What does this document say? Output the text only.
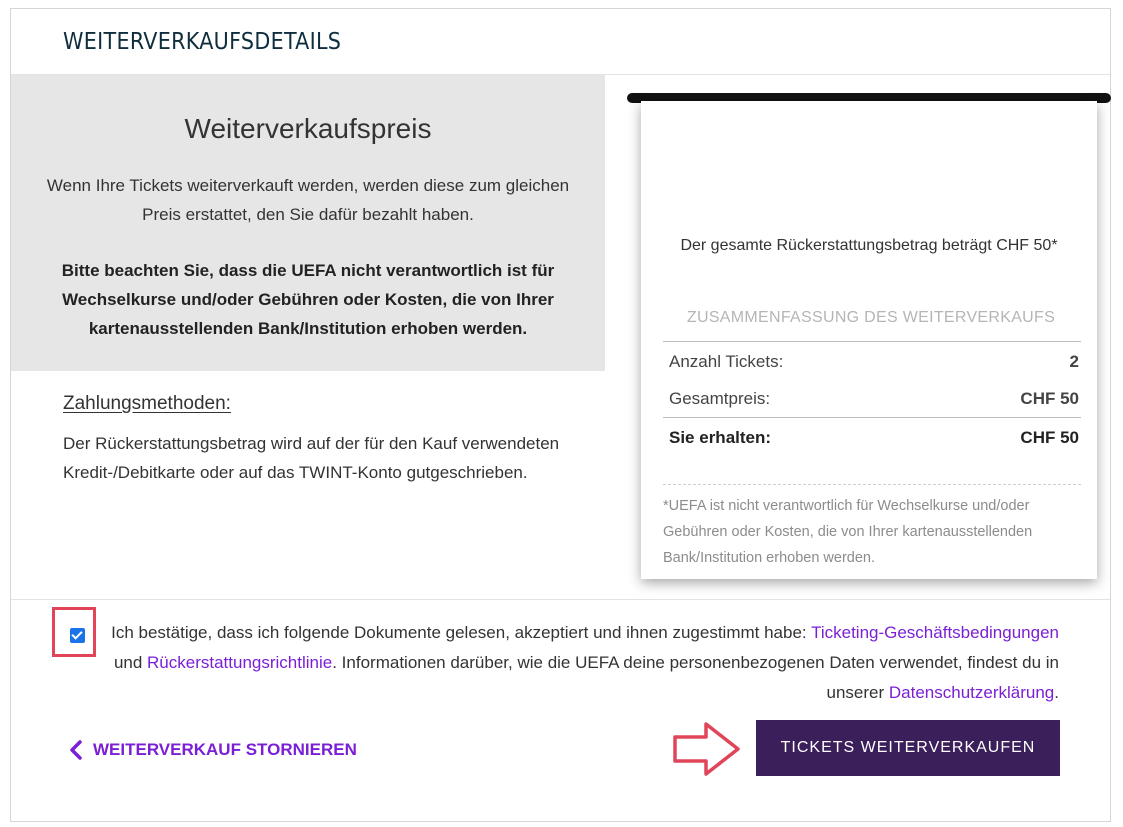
WEITERVERKAUFSDETAILS
Weiterverkaufspreis
Wenn Ihre Tickets weiterverkauft werden, werden diese zum gleichen Preis erstattet, den Sie dafür bezahlt haben.
Bitte beachten Sie, dass die UEFA nicht verantwortlich ist für Wechselkurse und/oder Gebühren oder Kosten, die von Ihrer kartenausstellenden Bank/Institution erhoben werden.
Zahlungsmethoden:
Der Rückerstattungsbetrag wird auf der für den Kauf verwendeten Kredit-/Debitkarte oder auf das TWINT-Konto gutgeschrieben.
Der gesamte Rückerstattungsbetrag beträgt CHF 50*
ZUSAMMENFASSUNG DES WEITERVERKAUFS
Anzahl Tickets:	2
Gesamtpreis:	CHF 50
Sie erhalten:	CHF 50
*UEFA ist nicht verantwortlich für Wechselkurse und/oder Gebühren oder Kosten, die von Ihrer kartenausstellenden Bank/Institution erhoben werden.
Ich bestätige, dass ich folgende Dokumente gelesen, akzeptiert und ihnen zugestimmt habe: Ticketing-Geschäftsbedingungen und Rückerstattungsrichtlinie. Informationen darüber, wie die UEFA deine personenbezogenen Daten verwendet, findest du in unserer Datenschutzerklärung.
WEITERVERKAUF STORNIEREN	TICKETS WEITERVERKAUFEN
